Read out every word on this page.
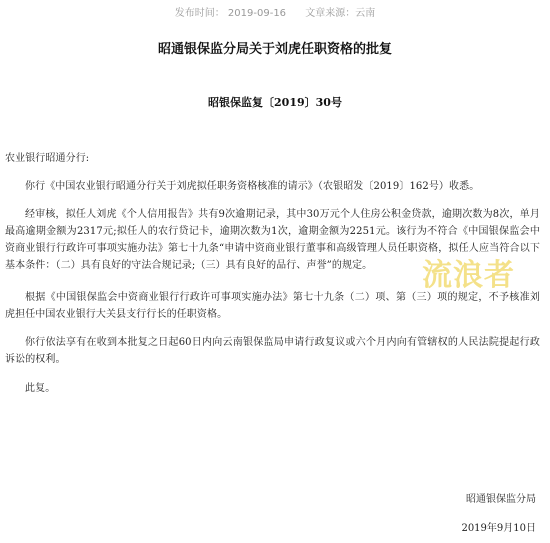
发布时间： 2019-09-16 文章来源：云南
昭通银保监分局关于刘虎任职资格的批复
昭银保监复〔2019〕30号

农业银行昭通分行:

你行《中国农业银行昭通分行关于刘虎拟任职务资格核准的请示》（农银昭发〔2019〕162号）收悉。

经审核，拟任人刘虎《个人信用报告》共有9次逾期记录，其中30万元个人住房公积金贷款，逾期次数为8次，单月最高逾期金额为2317元;拟任人的农行贷记卡，逾期次数为1次，逾期金额为2251元。该行为不符合《中国银保监会中资商业银行行政许可事项实施办法》第七十九条“申请中资商业银行董事和高级管理人员任职资格，拟任人应当符合以下基本条件：（二）具有良好的守法合规记录;（三）具有良好的品行、声誉”的规定。

根据《中国银保监会中资商业银行行政许可事项实施办法》第七十九条（二）项、第（三）项的规定，不予核准刘虎担任中国农业银行大关县支行行长的任职资格。

你行依法享有在收到本批复之日起60日内向云南银保监局申请行政复议或六个月内向有管辖权的人民法院提起行政诉讼的权利。

此复。

昭通银保监分局
2019年9月10日
流浪者
